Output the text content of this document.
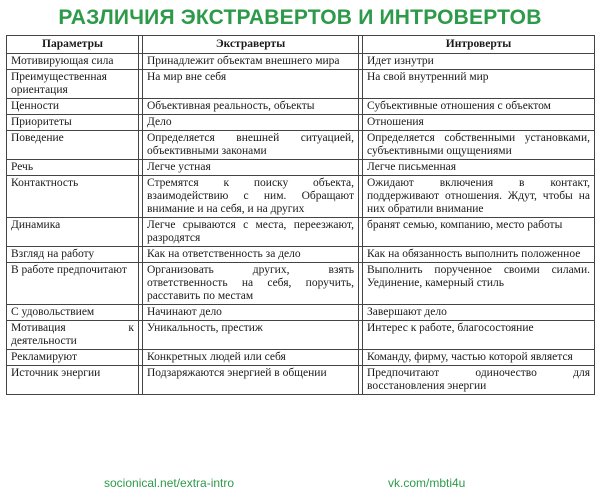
РАЗЛИЧИЯ ЭКСТРАВЕРТОВ И ИНТРОВЕРТОВ
Параметры		Экстраверты		Интроверты
Мотивирующая сила		Принадлежит объектам внешнего мира		Идет изнутри
Преимущественная ориентация		На мир вне себя		На свой внутренний мир
Ценности		Объективная реальность, объекты		Субъективные отношения с объектом
Приоритеты		Дело		Отношения
Поведение		Определяется внешней ситуацией, объективными законами		Определяется собственными установками, субъективными ощущениями
Речь		Легче устная		Легче письменная
Контактность		Стремятся к поиску объекта, взаимодействию с ним. Обращают внимание и на себя, и на других		Ожидают включения в контакт, поддерживают отношения. Ждут, чтобы на них обратили внимание
Динамика		Легче срываются с места, переезжают, разродятся		бранят семью, компанию, место работы
Взгляд на работу		Как на ответственность за дело		Как на обязанность выполнить положенное
В работе предпочитают		Организовать других, взять ответственность на себя, поручить, расставить по местам		Выполнить порученное своими силами. Уединение, камерный стиль
С удовольствием		Начинают дело		Завершают дело
Мотивация к деятельности		Уникальность, престиж		Интерес к работе, благосостояние
Рекламируют		Конкретных людей или себя		Команду, фирму, частью которой является
Источник энергии		Подзаряжаются энергией в общении		Предпочитают одиночество для восстановления энергии
socionical.net/extra-intro	vk.com/mbti4u
